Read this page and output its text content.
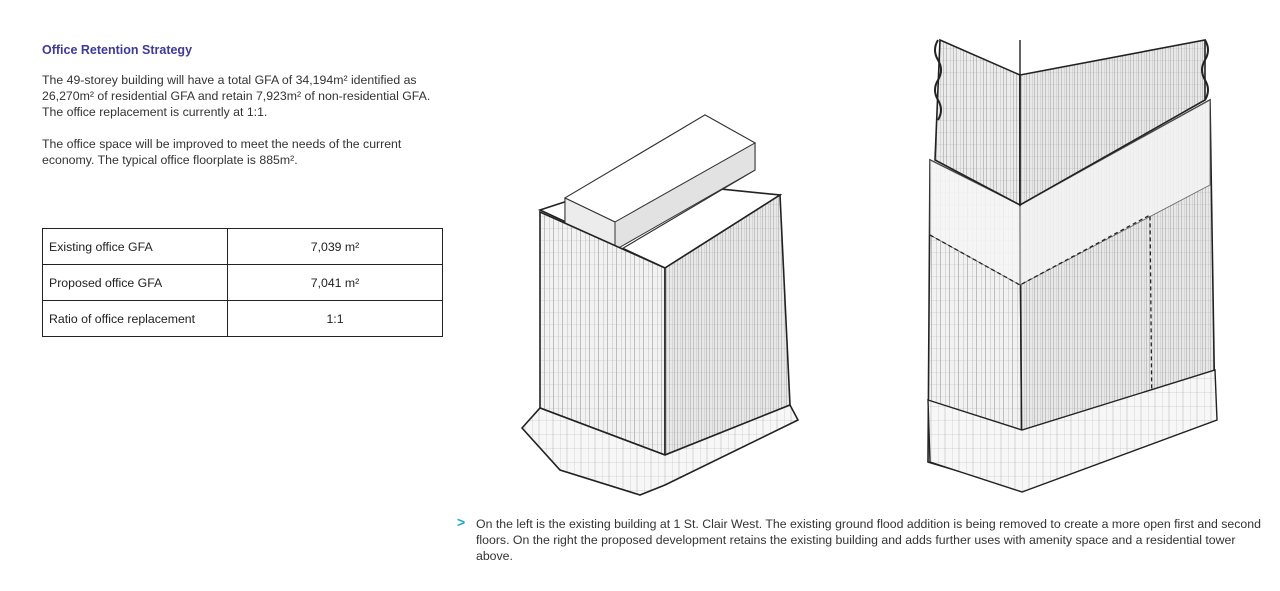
Office Retention Strategy

The 49-storey building will have a total GFA of 34,194m² identified as 26,270m² of residential GFA and retain 7,923m² of non-residential GFA. The office replacement is currently at 1:1.

The office space will be improved to meet the needs of the current economy. The typical office floorplate is 885m².

Existing office GFA	7,039 m²
Proposed office GFA	7,041 m²
Ratio of office replacement	1:1
> On the left is the existing building at 1 St. Clair West. The existing ground flood addition is being removed to create a more open first and second floors. On the right the proposed development retains the existing building and adds further uses with amenity space and a residential tower above.
